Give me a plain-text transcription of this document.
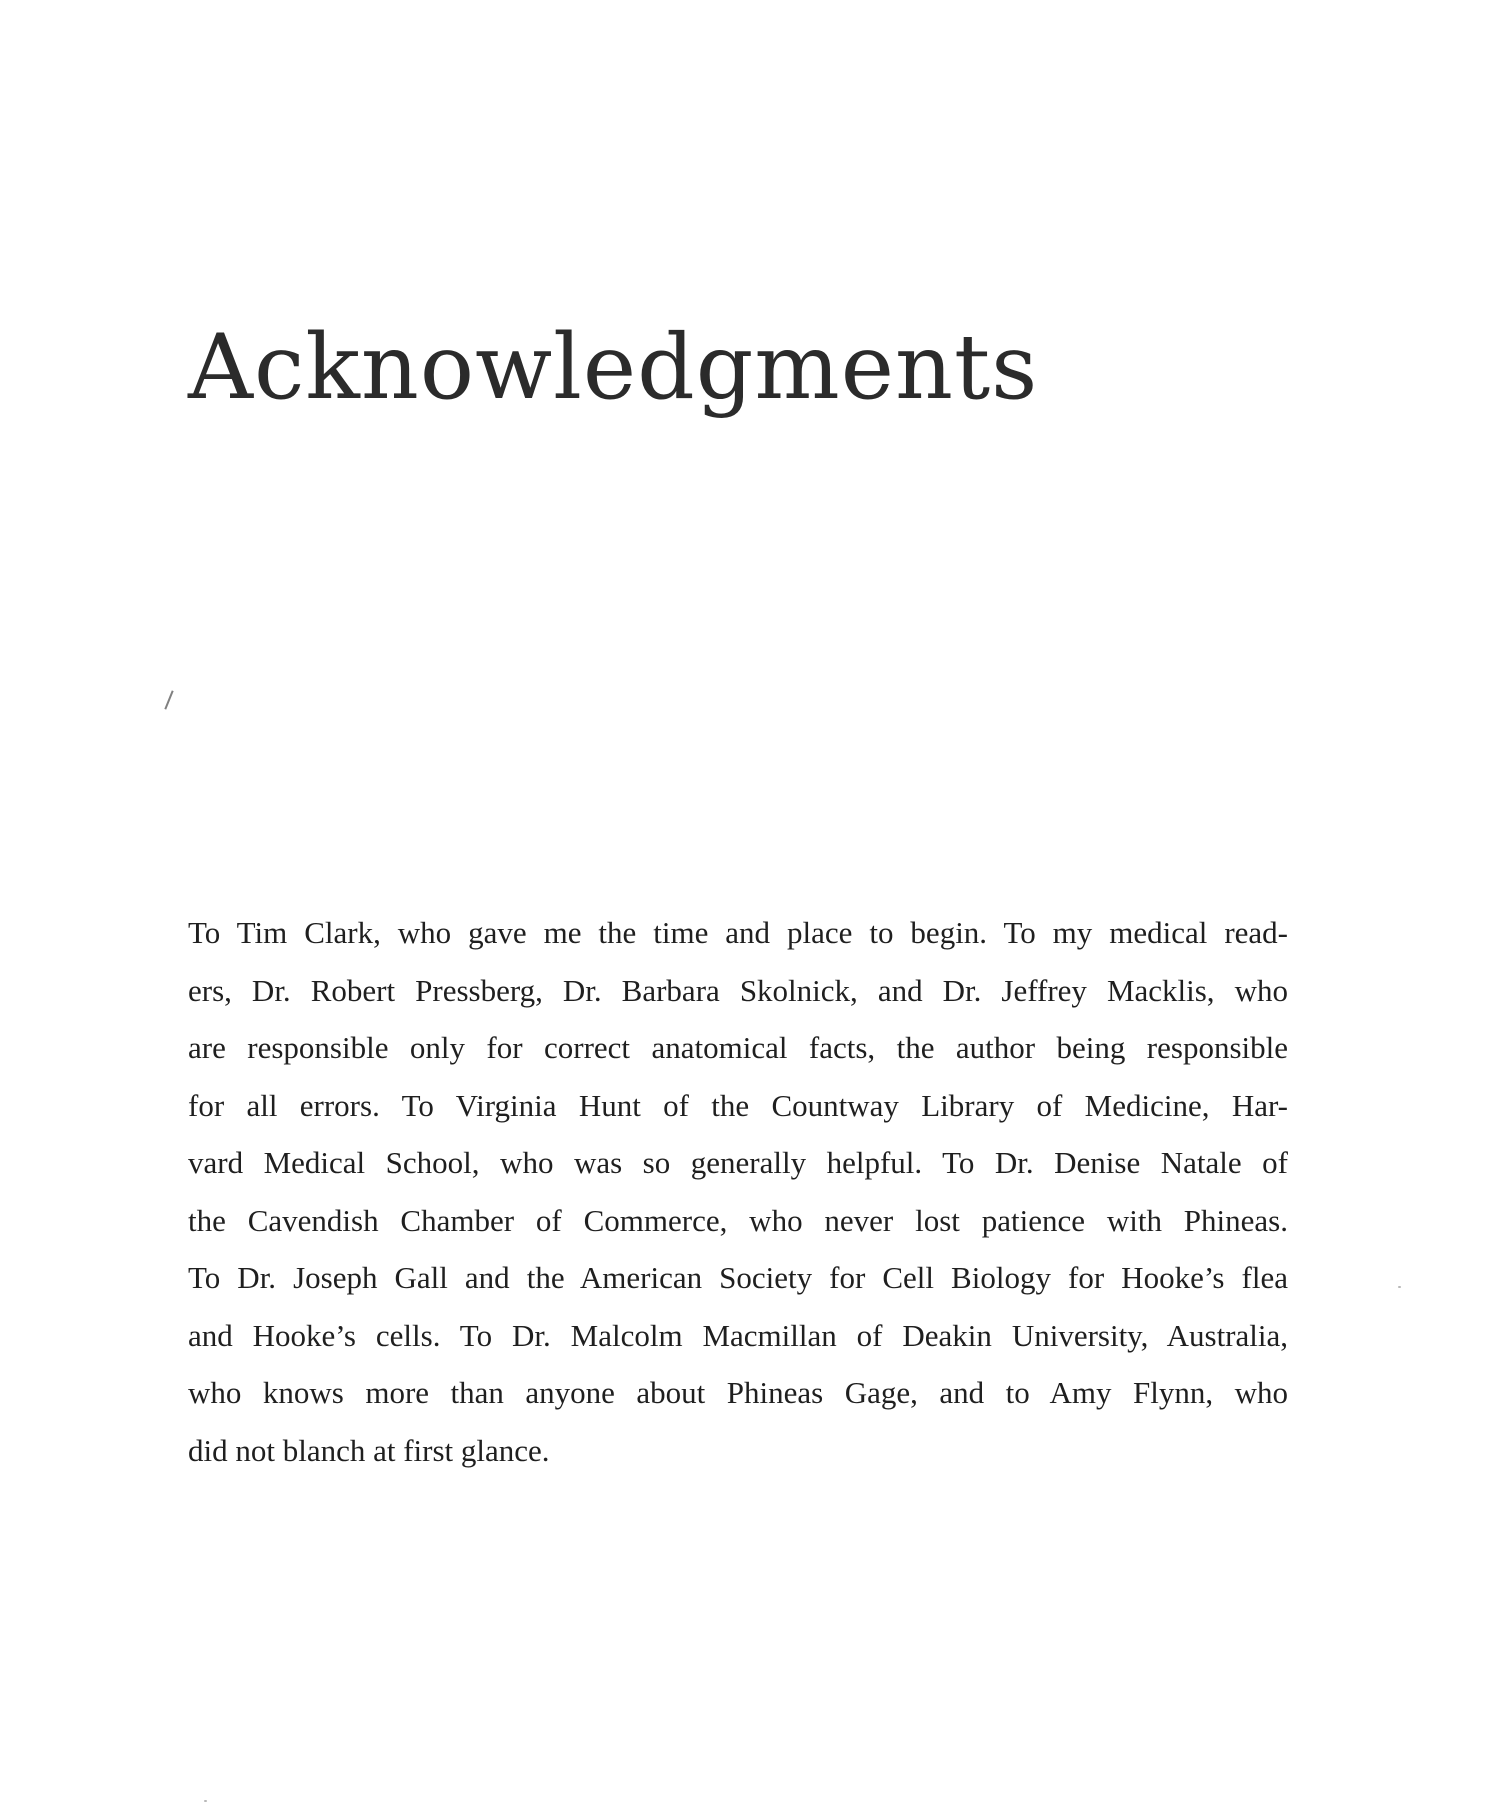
Acknowledgments
To Tim Clark, who gave me the time and place to begin. To my medical read-
ers, Dr. Robert Pressberg, Dr. Barbara Skolnick, and Dr. Jeffrey Macklis, who
are responsible only for correct anatomical facts, the author being responsible
for all errors. To Virginia Hunt of the Countway Library of Medicine, Har-
vard Medical School, who was so generally helpful. To Dr. Denise Natale of
the Cavendish Chamber of Commerce, who never lost patience with Phineas.
To Dr. Joseph Gall and the American Society for Cell Biology for Hooke’s flea
and Hooke’s cells. To Dr. Malcolm Macmillan of Deakin University, Australia,
who knows more than anyone about Phineas Gage, and to Amy Flynn, who
did not blanch at first glance.
